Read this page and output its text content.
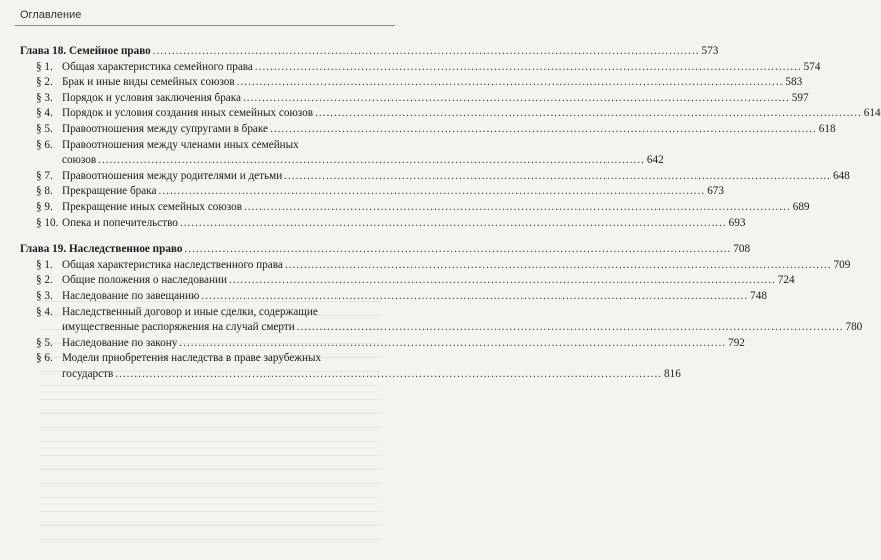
Оглавление
Глава 18. Семейное право .....	573
§ 1. Общая характеристика семейного права .....	574
§ 2. Брак и иные виды семейных союзов .....	583
§ 3. Порядок и условия заключения брака .....	597
§ 4. Порядок и условия создания иных семейных союзов .....	614
§ 5. Правоотношения между супругами в браке .....	618
§ 6. Правоотношения между членами иных семейных
союзов .....	642
§ 7. Правоотношения между родителями и детьми .....	648
§ 8. Прекращение брака .....	673
§ 9. Прекращение иных семейных союзов .....	689
§ 10. Опека и попечительство .....	693
Глава 19. Наследственное право .....	708
§ 1. Общая характеристика наследственного права .....	709
§ 2. Общие положения о наследовании .....	724
§ 3. Наследование по завещанию .....	748
§ 4. Наследственный договор и иные сделки, содержащие
имущественные распоряжения на случай смерти .....	780
§ 5. Наследование по закону .....	792
§ 6. Модели приобретения наследства в праве зарубежных
государств .....	816
